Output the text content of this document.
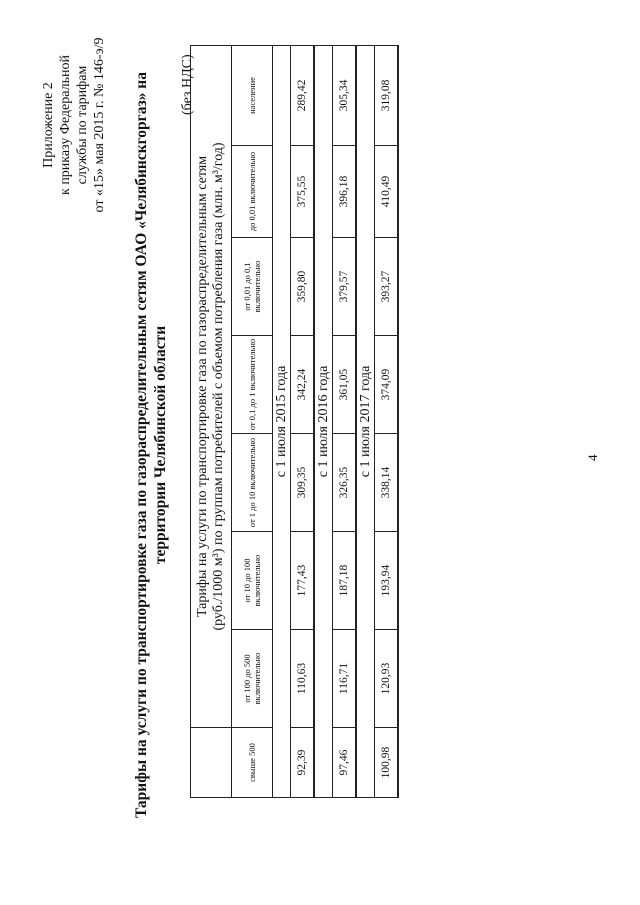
Приложение 2 к приказу Федеральной службы по тарифам от «15» мая 2015 г. № 146-э/9 Тарифы на услуги по транспортировке газа по газораспределительным сетям ОАО «Челябинскгоргаз» на территории Челябинской области
(без НДС)

	Тарифы на услуги по транспортировке газа по газораспределительным сетям (руб./1000 м³) по группам потребителей с объемом потребления газа (млн. м³/год)						

свыше 500	от 100 до 500 включительно	от 10 до 100 включительно	от 1 до 10 включительно	от 0,1 до 1 включительно	от 0,01 до 0,1 включительно	до 0,01 включительно	население
с 1 июля 2015 года							
92,39	110,63	177,43	309,35	342,24	359,80	375,55	289,42
с 1 июля 2016 года							
97,46	116,71	187,18	326,35	361,05	379,57	396,18	305,34
с 1 июля 2017 года							
100,98	120,93	193,94	338,14	374,09	393,27	410,49	319,08
4
